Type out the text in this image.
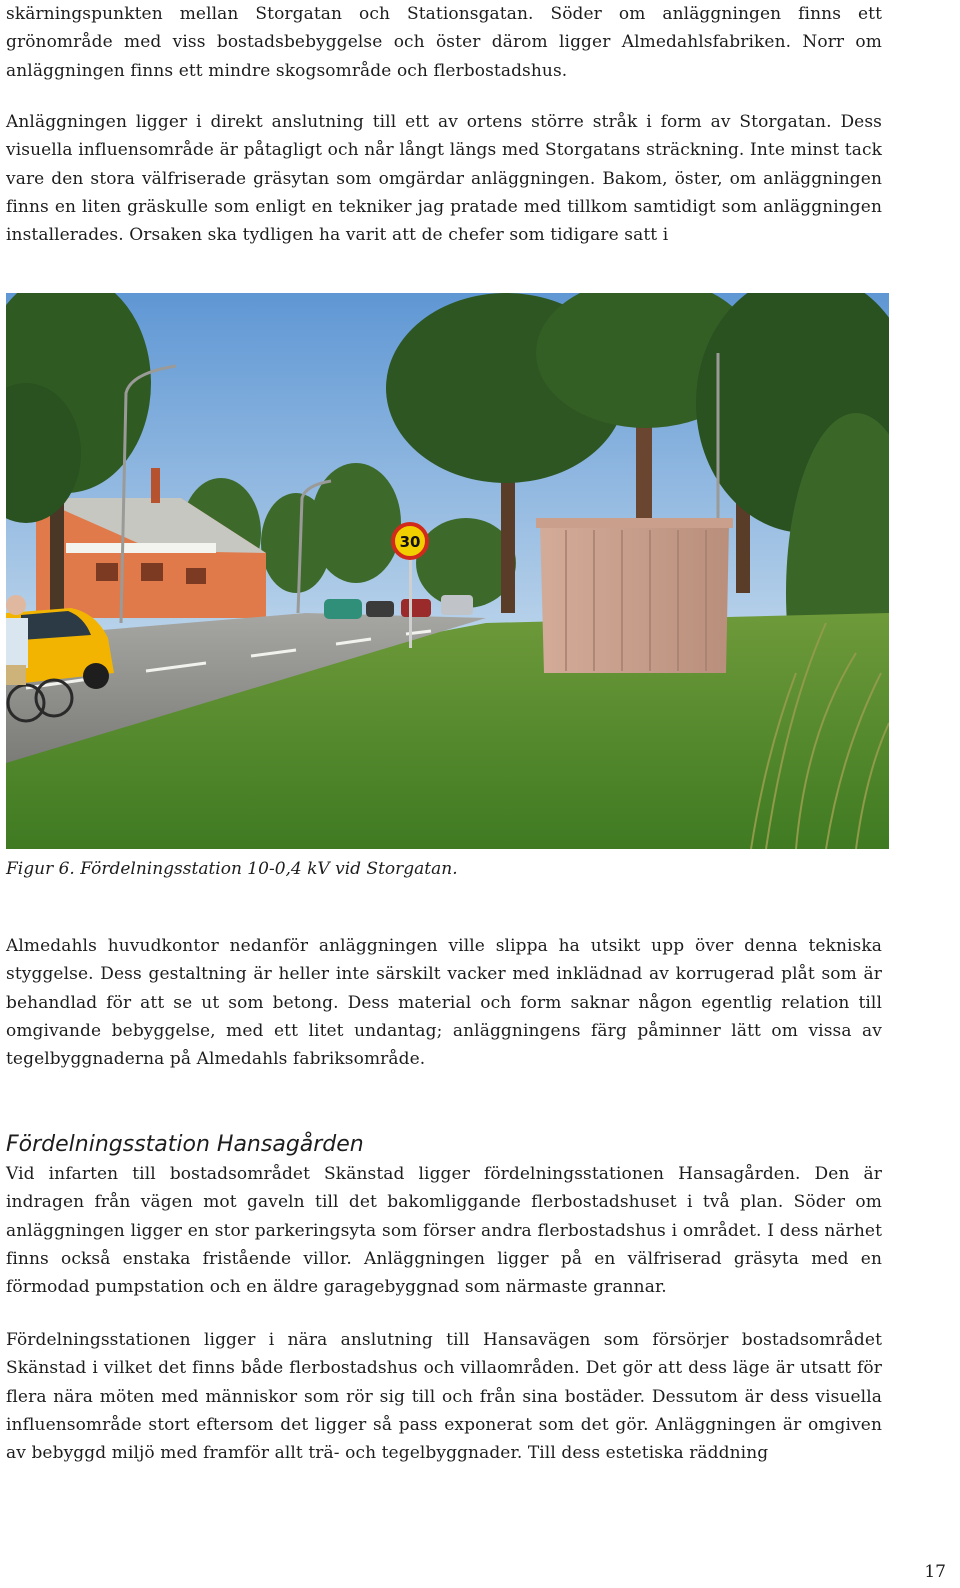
skärningspunkten mellan Storgatan och Stationsgatan. Söder om anläggningen finns ett grönområde med viss bostadsbebyggelse och öster därom ligger Almedahlsfabriken. Norr om anläggningen finns ett mindre skogsområde och flerbostadshus.

Anläggningen ligger i direkt anslutning till ett av ortens större stråk i form av Storgatan. Dess visuella influensområde är påtagligt och når långt längs med Storgatans sträckning. Inte minst tack vare den stora välfriserade gräsytan som omgärdar anläggningen. Bakom, öster, om anläggningen finns en liten gräskulle som enligt en tekniker jag pratade med tillkom samtidigt som anläggningen installerades. Orsaken ska tydligen ha varit att de chefer som tidigare satt i

30

Figur 6. Fördelningsstation 10-0,4 kV vid Storgatan.

Almedahls huvudkontor nedanför anläggningen ville slippa ha utsikt upp över denna tekniska styggelse. Dess gestaltning är heller inte särskilt vacker med inklädnad av korrugerad plåt som är behandlad för att se ut som betong. Dess material och form saknar någon egentlig relation till omgivande bebyggelse, med ett litet undantag; anläggningens färg påminner lätt om vissa av tegelbyggnaderna på Almedahls fabriksområde.

Fördelningsstation Hansagården

Vid infarten till bostadsområdet Skänstad ligger fördelningsstationen Hansagården. Den är indragen från vägen mot gaveln till det bakomliggande flerbostadshuset i två plan. Söder om anläggningen ligger en stor parkeringsyta som förser andra flerbostadshus i området. I dess närhet finns också enstaka fristående villor. Anläggningen ligger på en välfriserad gräsyta med en förmodad pumpstation och en äldre garagebyggnad som närmaste grannar.

Fördelningsstationen ligger i nära anslutning till Hansavägen som försörjer bostadsområdet Skänstad i vilket det finns både flerbostadshus och villaområden. Det gör att dess läge är utsatt för flera nära möten med människor som rör sig till och från sina bostäder. Dessutom är dess visuella influensområde stort eftersom det ligger så pass exponerat som det gör. Anläggningen är omgiven av bebyggd miljö med framför allt trä- och tegelbyggnader. Till dess estetiska räddning

17
